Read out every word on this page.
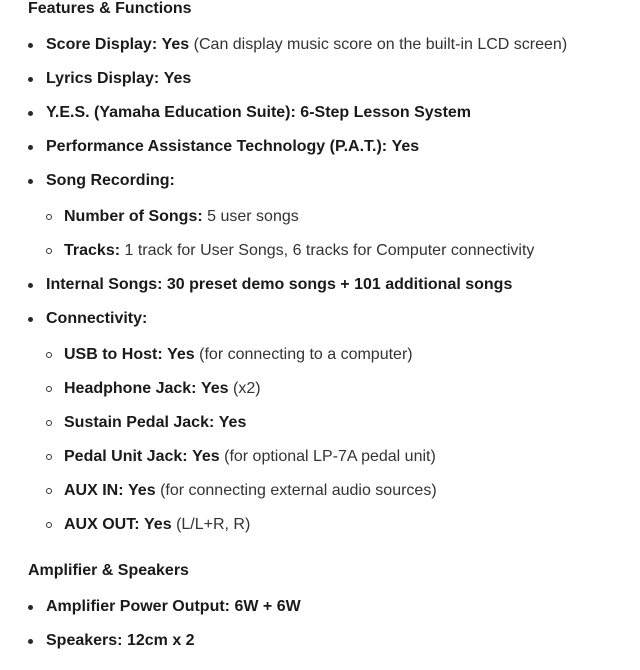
Features & Functions
Score Display: Yes (Can display music score on the built-in LCD screen)
Lyrics Display: Yes
Y.E.S. (Yamaha Education Suite): 6-Step Lesson System
Performance Assistance Technology (P.A.T.): Yes
Song Recording:
Number of Songs: 5 user songs
Tracks: 1 track for User Songs, 6 tracks for Computer connectivity
Internal Songs: 30 preset demo songs + 101 additional songs
Connectivity:
USB to Host: Yes (for connecting to a computer)
Headphone Jack: Yes (x2)
Sustain Pedal Jack: Yes
Pedal Unit Jack: Yes (for optional LP-7A pedal unit)
AUX IN: Yes (for connecting external audio sources)
AUX OUT: Yes (L/L+R, R)
Amplifier & Speakers
Amplifier Power Output: 6W + 6W
Speakers: 12cm x 2
